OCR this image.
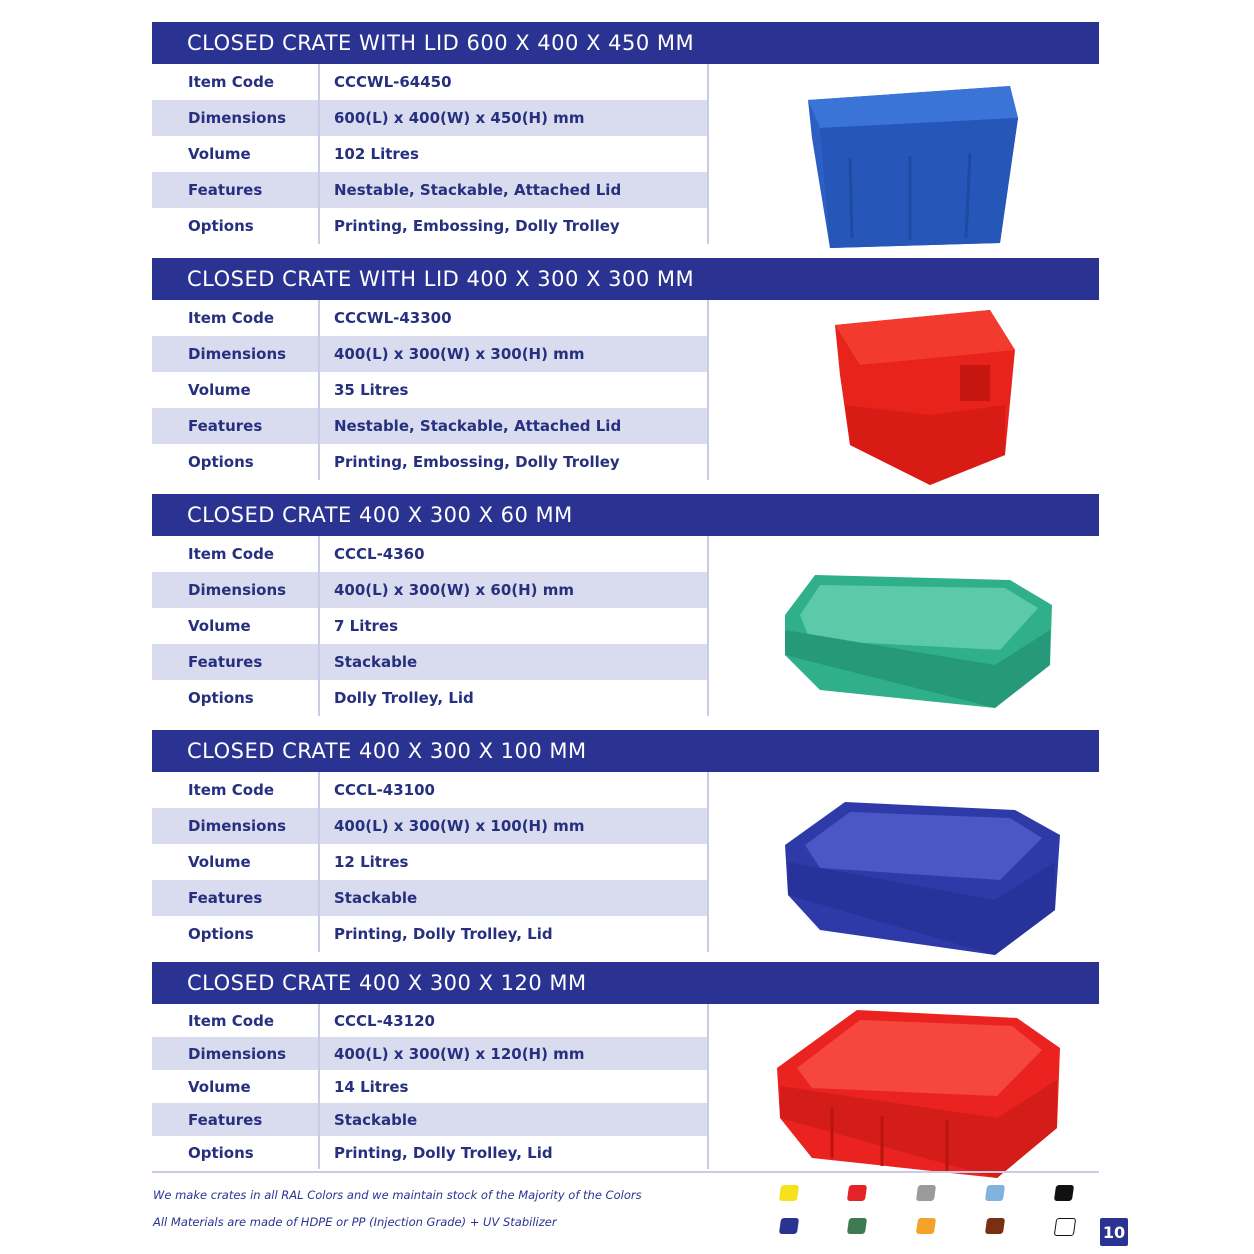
CLOSED CRATE WITH LID 600 X 400 X 450 MM
Item Code	CCCWL-64450
Dimensions	600(L) x 400(W) x 450(H) mm
Volume	102 Litres
Features	Nestable, Stackable, Attached Lid
Options	Printing, Embossing, Dolly Trolley
CLOSED CRATE WITH LID 400 X 300 X 300 MM
Item Code	CCCWL-43300
Dimensions	400(L) x 300(W) x 300(H) mm
Volume	35 Litres
Features	Nestable, Stackable, Attached Lid
Options	Printing, Embossing, Dolly Trolley
CLOSED CRATE 400 X 300 X 60 MM
Item Code	CCCL-4360
Dimensions	400(L) x 300(W) x 60(H) mm
Volume	7 Litres
Features	Stackable
Options	Dolly Trolley, Lid
CLOSED CRATE 400 X 300 X 100 MM
Item Code	CCCL-43100
Dimensions	400(L) x 300(W) x 100(H) mm
Volume	12 Litres
Features	Stackable
Options	Printing, Dolly Trolley, Lid
CLOSED CRATE 400 X 300 X 120 MM
Item Code	CCCL-43120
Dimensions	400(L) x 300(W) x 120(H) mm
Volume	14 Litres
Features	Stackable
Options	Printing, Dolly Trolley, Lid
We make crates in all RAL Colors and we maintain stock of the Majority of the Colors
All Materials are made of HDPE or PP (Injection Grade) + UV Stabilizer
10
